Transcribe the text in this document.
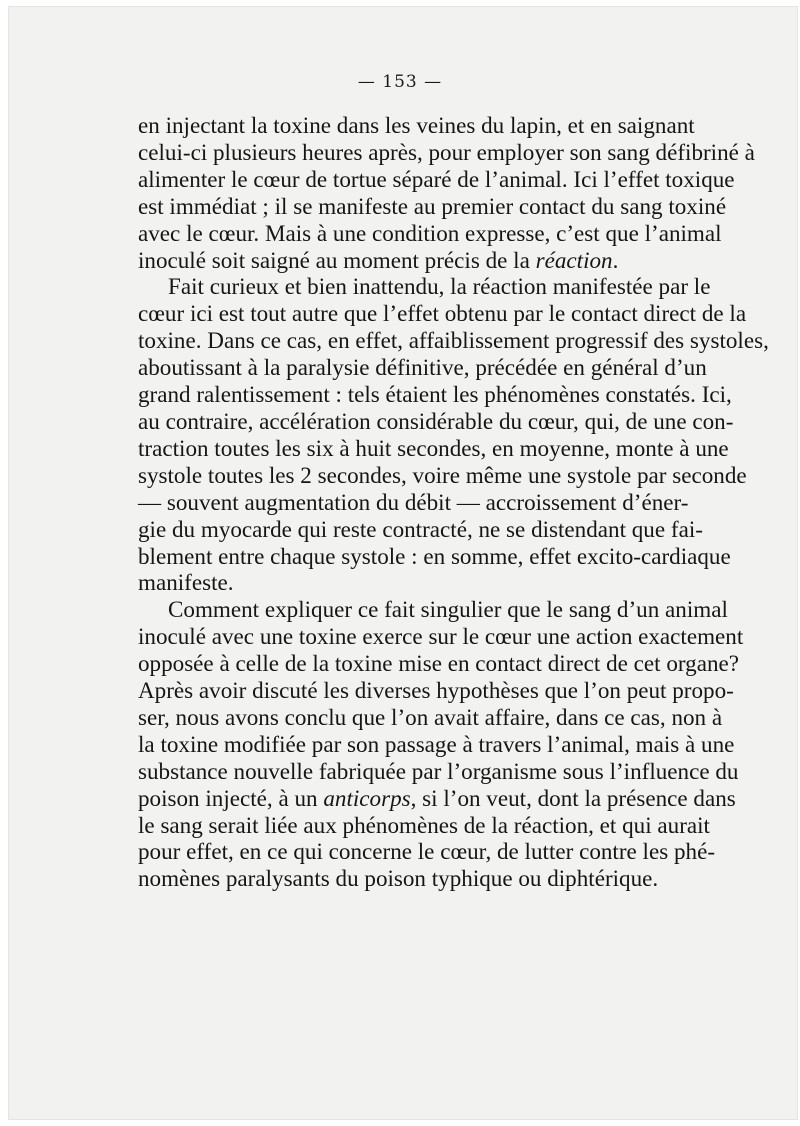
— 153 —
en injectant la toxine dans les veines du lapin, et en saignant
celui-ci plusieurs heures après, pour employer son sang défibriné à
alimenter le cœur de tortue séparé de l’animal. Ici l’effet toxique
est immédiat ; il se manifeste au premier contact du sang toxiné
avec le cœur. Mais à une condition expresse, c’est que l’animal
inoculé soit saigné au moment précis de la réaction.
Fait curieux et bien inattendu, la réaction manifestée par le
cœur ici est tout autre que l’effet obtenu par le contact direct de la
toxine. Dans ce cas, en effet, affaiblissement progressif des systoles,
aboutissant à la paralysie définitive, précédée en général d’un
grand ralentissement : tels étaient les phénomènes constatés. Ici,
au contraire, accélération considérable du cœur, qui, de une con-
traction toutes les six à huit secondes, en moyenne, monte à une
systole toutes les 2 secondes, voire même une systole par seconde
— souvent augmentation du débit — accroissement d’éner-
gie du myocarde qui reste contracté, ne se distendant que fai-
blement entre chaque systole : en somme, effet excito-cardiaque
manifeste.
Comment expliquer ce fait singulier que le sang d’un animal
inoculé avec une toxine exerce sur le cœur une action exactement
opposée à celle de la toxine mise en contact direct de cet organe?
Après avoir discuté les diverses hypothèses que l’on peut propo-
ser, nous avons conclu que l’on avait affaire, dans ce cas, non à
la toxine modifiée par son passage à travers l’animal, mais à une
substance nouvelle fabriquée par l’organisme sous l’influence du
poison injecté, à un anticorps, si l’on veut, dont la présence dans
le sang serait liée aux phénomènes de la réaction, et qui aurait
pour effet, en ce qui concerne le cœur, de lutter contre les phé-
nomènes paralysants du poison typhique ou diphtérique.
